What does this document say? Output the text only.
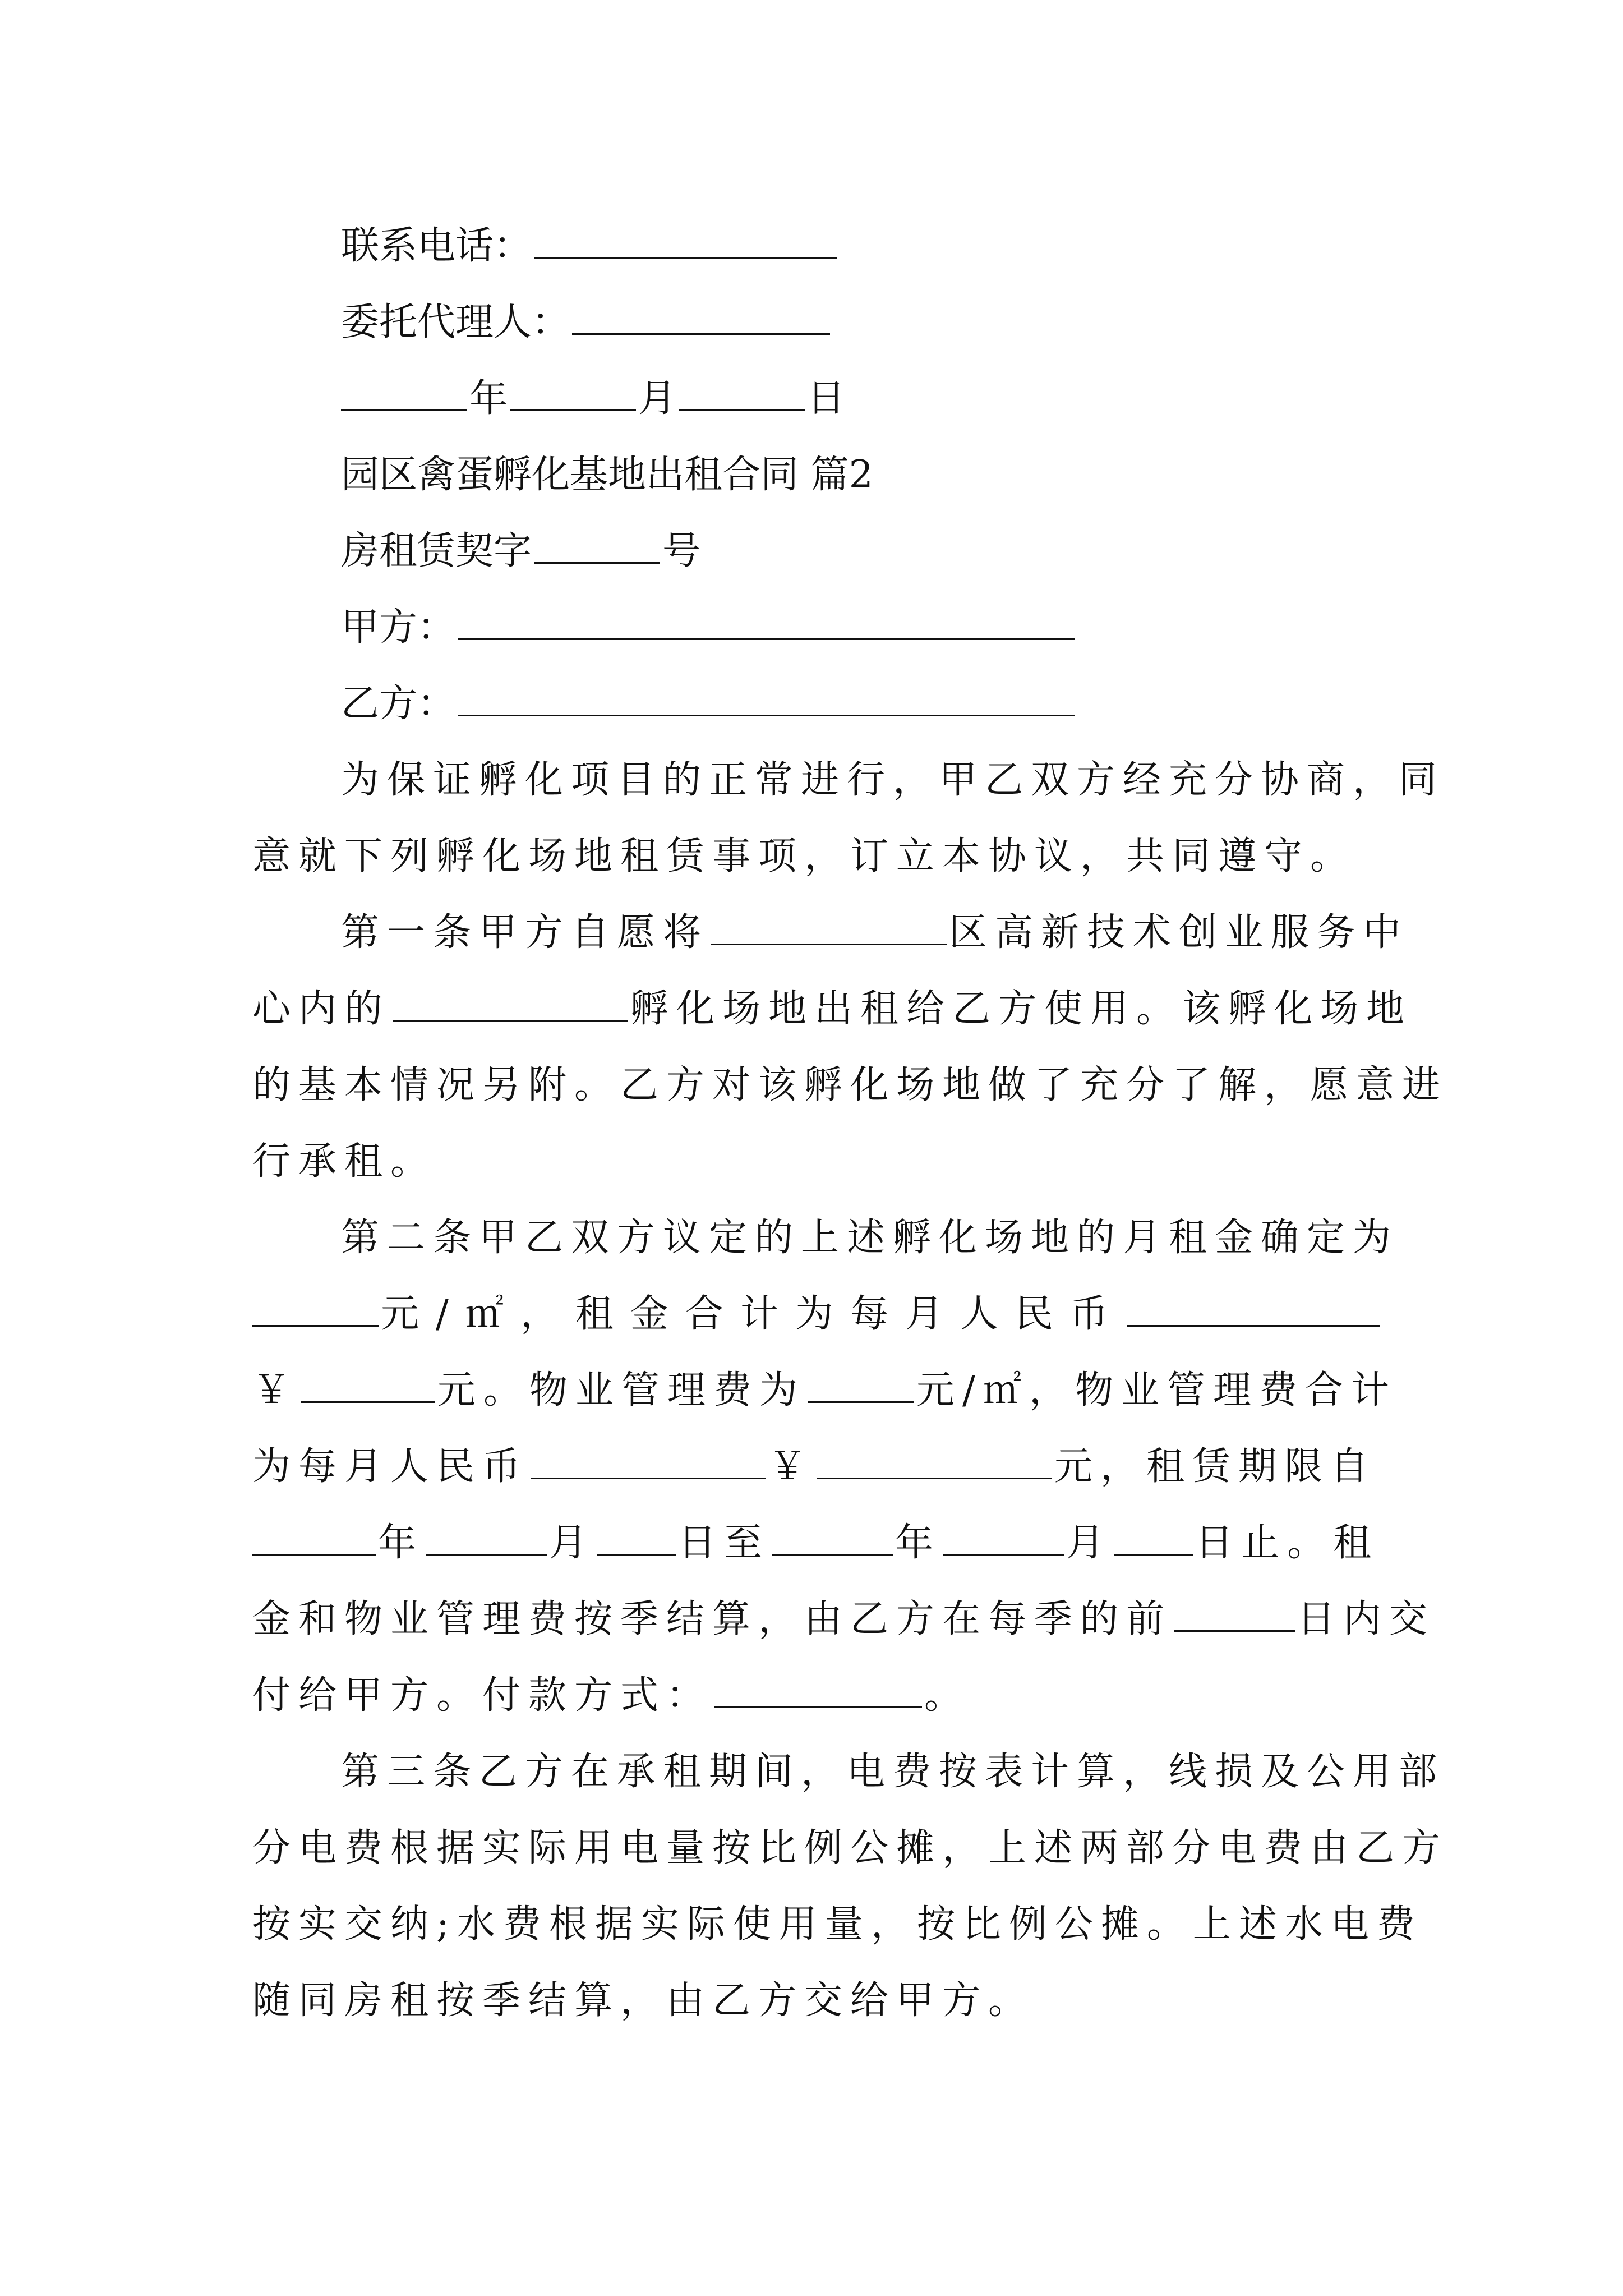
联系电话：
委托代理人：
年	月	日
园区禽蛋孵化基地出租合同 篇2
房租赁契字	号
甲方：
乙方：
为保证孵化项目的正常进行，甲乙双方经充分协商，同
意就下列孵化场地租赁事项，订立本协议，共同遵守。
第一条甲方自愿将	区高新技术创业服务中
心内的	孵化场地出租给乙方使用。该孵化场地
的基本情况另附。乙方对该孵化场地做了充分了解，愿意进
行承租。
第二条甲乙双方议定的上述孵化场地的月租金确定为
元/㎡，租金合计为每月人民币
￥	元。物业管理费为	元/㎡，物业管理费合计
为每月人民币	￥	元，租赁期限自
年	月 日至	年	月 日止。租
金和物业管理费按季结算，由乙方在每季的前	日内交
付给甲方。付款方式：	。
第三条乙方在承租期间，电费按表计算，线损及公用部
分电费根据实际用电量按比例公摊，上述两部分电费由乙方
按实交纳;水费根据实际使用量，按比例公摊。上述水电费
随同房租按季结算，由乙方交给甲方。
